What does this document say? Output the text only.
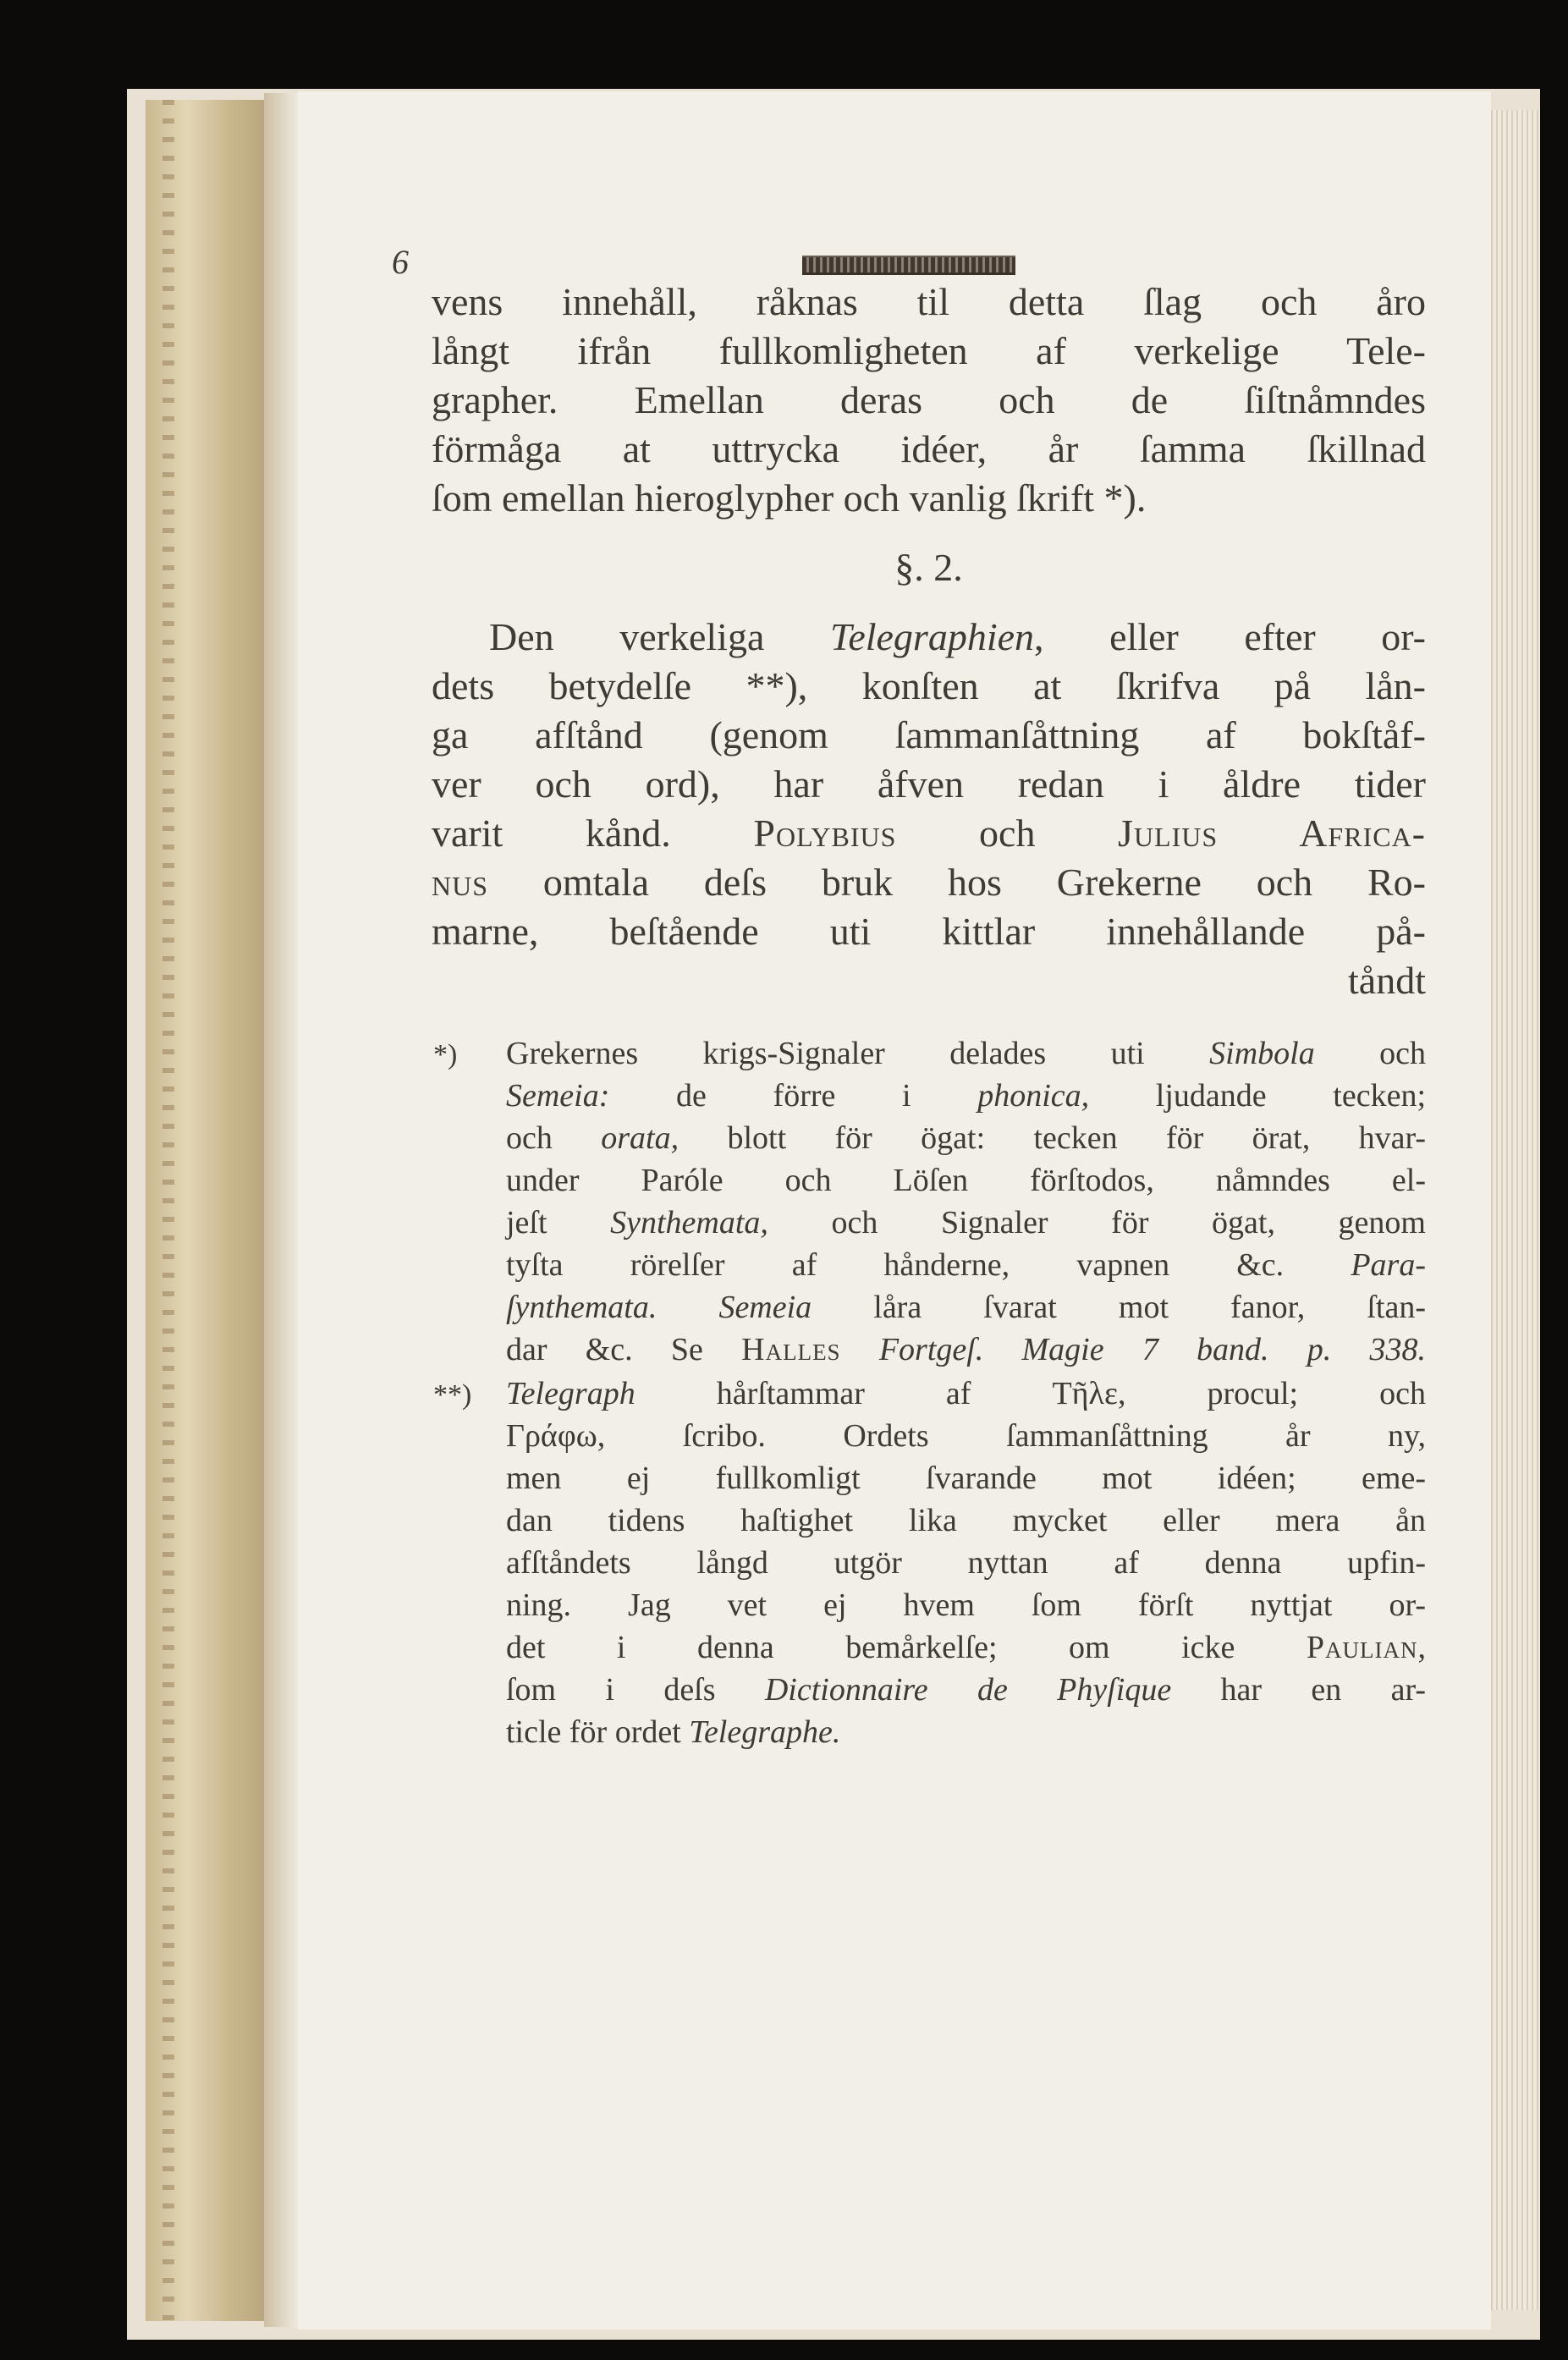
6
vens innehåll, råknas til detta ſlag och åro
långt ifrån fullkomligheten af verkelige Tele-
grapher. Emellan deras och de ſiſtnåmndes
förmåga at uttrycka idéer, år ſamma ſkillnad
ſom emellan hieroglypher och vanlig ſkrift *).
§. 2.
Den verkeliga Telegraphien, eller efter or-
dets betydelſe **), konſten at ſkrifva på lån-
ga afſtånd (genom ſammanſåttning af bokſtåf-
ver och ord), har åfven redan i åldre tider
varit kånd. Polybius och Julius Africa-
nus omtala deſs bruk hos Grekerne och Ro-
marne, beſtående uti kittlar innehållande på-
tåndt
*) Grekernes krigs-Signaler delades uti Simbola och
Semeia: de förre i phonica, ljudande tecken;
och orata, blott för ögat: tecken för örat, hvar-
under Paróle och Löſen förſtodos, nåmndes el-
jeſt Synthemata, och Signaler för ögat, genom
tyſta rörelſer af hånderne, vapnen &c. Para-
ſynthemata. Semeia låra ſvarat mot fanor, ſtan-
dar &c. Se Halles Fortgeſ. Magie 7 band. p. 338.
**) Telegraph hårſtammar af Τῆλε, procul; och
Γράφω, ſcribo. Ordets ſammanſåttning år ny,
men ej fullkomligt ſvarande mot idéen; eme-
dan tidens haſtighet lika mycket eller mera ån
afſtåndets långd utgör nyttan af denna upfin-
ning. Jag vet ej hvem ſom förſt nyttjat or-
det i denna bemårkelſe; om icke Paulian,
ſom i deſs Dictionnaire de Phyſique har en ar-
ticle för ordet Telegraphe.
